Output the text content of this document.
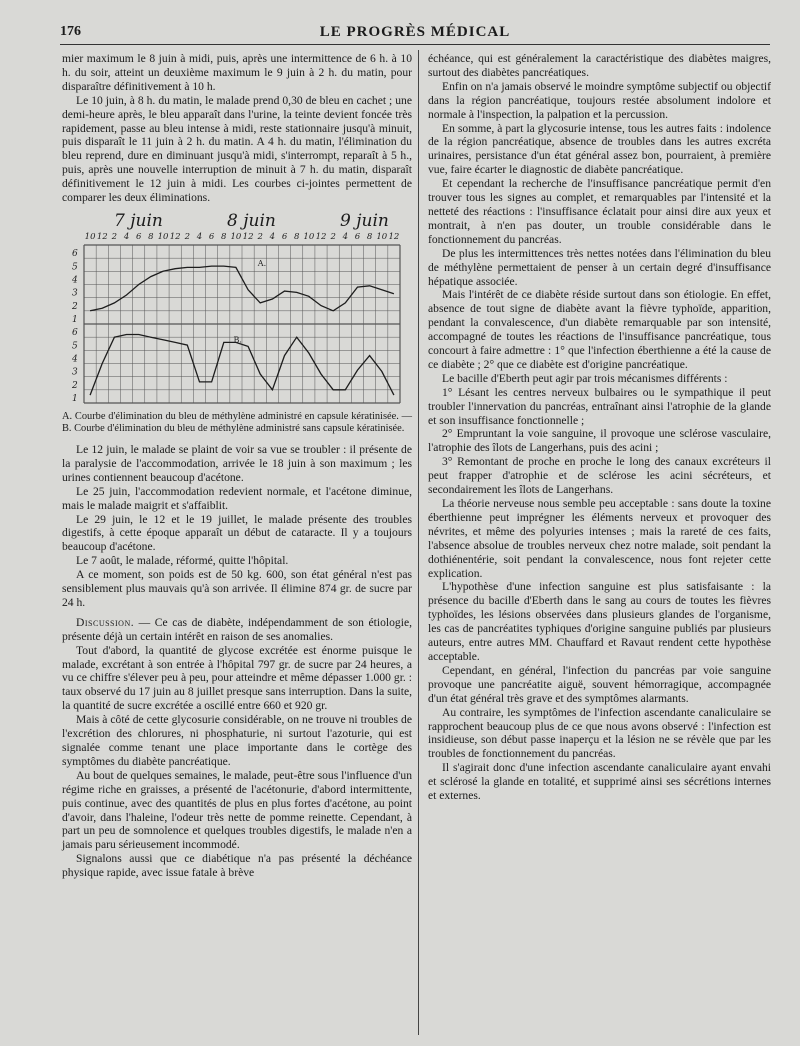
176	LE PROGRÈS MÉDICAL

mier maximum le 8 juin à midi, puis, après une intermittence de 6 h. à 10 h. du soir, atteint un deuxième maximum le 9 juin à 2 h. du matin, pour disparaître définitivement à 10 h.

Le 10 juin, à 8 h. du matin, le malade prend 0,30 de bleu en cachet ; une demi-heure après, le bleu apparaît dans l'urine, la teinte devient foncée très rapidement, passe au bleu intense à midi, reste stationnaire jusqu'à minuit, puis disparaît le 11 juin à 2 h. du matin. A 4 h. du matin, l'élimination du bleu reprend, dure en diminuant jusqu'à midi, s'interrompt, reparaît à 5 h., puis, après une nouvelle interruption de minuit à 7 h. du matin, disparaît définitivement le 12 juin à midi. Les courbes ci-jointes permettent de comparer les deux éliminations.

7 juin	8 juin	9 juin
10 12 2 4 6 8 10 12 2 4 6 8 10 12 2 4 6 8 10 12 2 4 6 8 10 12
6
5
4
3
2
1
6
5
4
3
2
1
A.
B.
A. Courbe d'élimination du bleu de méthylène administré en capsule kératinisée. — B. Courbe d'élimination du bleu de méthylène administré sans capsule kératinisée.

Le 12 juin, le malade se plaint de voir sa vue se troubler : il présente de la paralysie de l'accommodation, arrivée le 18 juin à son maximum ; les urines contiennent beaucoup d'acétone.

Le 25 juin, l'accommodation redevient normale, et l'acétone diminue, mais le malade maigrit et s'affaiblit.

Le 29 juin, le 12 et le 19 juillet, le malade présente des troubles digestifs, à cette époque apparaît un début de cataracte. Il y a toujours beaucoup d'acétone.

Le 7 août, le malade, réformé, quitte l'hôpital.

A ce moment, son poids est de 50 kg. 600, son état général n'est pas sensiblement plus mauvais qu'à son arrivée. Il élimine 874 gr. de sucre par 24 h.

Discussion. — Ce cas de diabète, indépendamment de son étiologie, présente déjà un certain intérêt en raison de ses anomalies.

Tout d'abord, la quantité de glycose excrétée est énorme puisque le malade, excrétant à son entrée à l'hôpital 797 gr. de sucre par 24 heures, a vu ce chiffre s'élever peu à peu, pour atteindre et même dépasser 1.000 gr. : taux observé du 17 juin au 8 juillet presque sans interruption. Dans la suite, la quantité de sucre excrétée a oscillé entre 660 et 920 gr.

Mais à côté de cette glycosurie considérable, on ne trouve ni troubles de l'excrétion des chlorures, ni phosphaturie, ni surtout l'azoturie, qui est signalée comme tenant une place importante dans le cortège des symptômes du diabète pancréatique.

Au bout de quelques semaines, le malade, peut-être sous l'influence d'un régime riche en graisses, a présenté de l'acétonurie, d'abord intermittente, puis continue, avec des quantités de plus en plus fortes d'acétone, au point d'avoir, dans l'haleine, l'odeur très nette de pomme reinette. Cependant, à part un peu de somnolence et quelques troubles digestifs, le malade n'en a jamais paru sérieusement incommodé.

Signalons aussi que ce diabétique n'a pas présenté la déchéance physique rapide, avec issue fatale à brève

échéance, qui est généralement la caractéristique des diabètes maigres, surtout des diabètes pancréatiques.

Enfin on n'a jamais observé le moindre symptôme subjectif ou objectif dans la région pancréatique, toujours restée absolument indolore et normale à l'inspection, la palpation et la percussion.

En somme, à part la glycosurie intense, tous les autres faits : indolence de la région pancréatique, absence de troubles dans les autres excréta urinaires, persistance d'un état général assez bon, pourraient, à première vue, faire écarter le diagnostic de diabète pancréatique.

Et cependant la recherche de l'insuffisance pancréatique permit d'en trouver tous les signes au complet, et remarquables par l'intensité et la netteté des réactions : l'insuffisance éclatait pour ainsi dire aux yeux et montrait, à n'en pas douter, un trouble considérable dans le fonctionnement du pancréas.

De plus les intermittences très nettes notées dans l'élimination du bleu de méthylène permettaient de penser à un certain degré d'insuffisance hépatique associée.

Mais l'intérêt de ce diabète réside surtout dans son étiologie. En effet, absence de tout signe de diabète avant la fièvre typhoïde, apparition, pendant la convalescence, d'un diabète remarquable par son intensité, accompagné de toutes les réactions de l'insuffisance pancréatique, tous concourt à faire admettre : 1° que l'infection éberthienne a été la cause de ce diabète ; 2° que ce diabète est d'origine pancréatique.

Le bacille d'Eberth peut agir par trois mécanismes différents :

1° Lésant les centres nerveux bulbaires ou le sympathique il peut troubler l'innervation du pancréas, entraînant ainsi l'atrophie de la glande et son insuffisance fonctionnelle ;

2° Empruntant la voie sanguine, il provoque une sclérose vasculaire, l'atrophie des îlots de Langerhans, puis des acini ;

3° Remontant de proche en proche le long des canaux excréteurs il peut frapper d'atrophie et de sclérose les acini sécréteurs, et secondairement les îlots de Langerhans.

La théorie nerveuse nous semble peu acceptable : sans doute la toxine éberthienne peut imprégner les éléments nerveux et provoquer des névrites, et même des polyuries intenses ; mais la rareté de ces faits, l'absence absolue de troubles nerveux chez notre malade, soit pendant la dothiénentérie, soit pendant la convalescence, nous font rejeter cette explication.

L'hypothèse d'une infection sanguine est plus satisfaisante : la présence du bacille d'Eberth dans le sang au cours de toutes les fièvres typhoïdes, les lésions observées dans plusieurs glandes de l'organisme, les cas de pancréatites typhiques d'origine sanguine publiés par plusieurs auteurs, entre autres MM. Chauffard et Ravaut rendent cette hypothèse acceptable.

Cependant, en général, l'infection du pancréas par voie sanguine provoque une pancréatite aiguë, souvent hémorragique, accompagnée d'un état général très grave et des symptômes alarmants.

Au contraire, les symptômes de l'infection ascendante canaliculaire se rapprochent beaucoup plus de ce que nous avons observé : l'infection est insidieuse, son début passe inaperçu et la lésion ne se révèle que par les troubles de fonctionnement du pancréas.

Il s'agirait donc d'une infection ascendante canaliculaire ayant envahi et sclérosé la glande en totalité, et supprimé ainsi ses sécrétions internes et externes.
